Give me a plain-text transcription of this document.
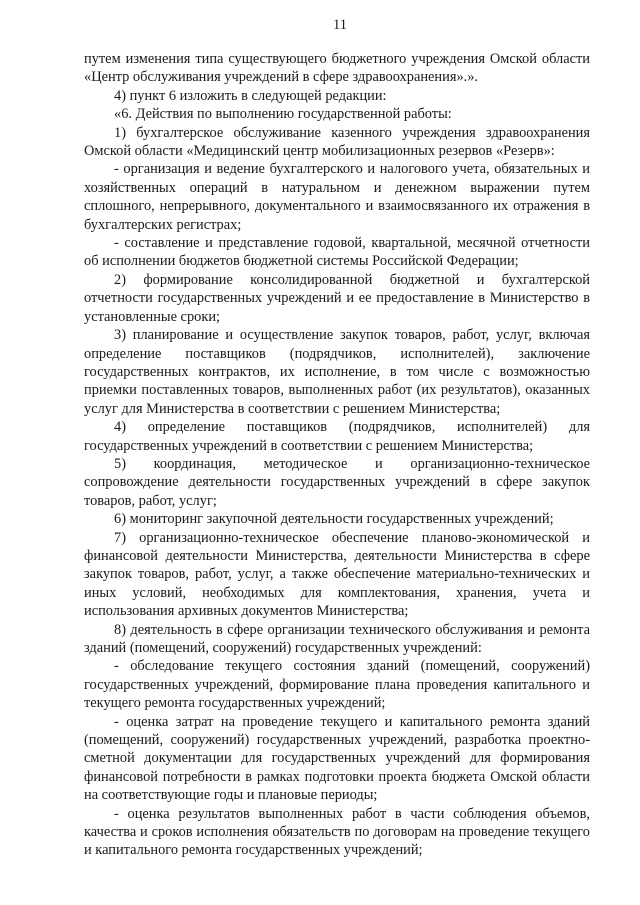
11

путем изменения типа существующего бюджетного учреждения Омской области «Центр обслуживания учреждений в сфере здравоохранения».».

4) пункт 6 изложить в следующей редакции:

«6. Действия по выполнению государственной работы:

1) бухгалтерское обслуживание казенного учреждения здравоохранения Омской области «Медицинский центр мобилизационных резервов «Резерв»:

- организация и ведение бухгалтерского и налогового учета, обязательных и хозяйственных операций в натуральном и денежном выражении путем сплошного, непрерывного, документального и взаимосвязанного их отражения в бухгалтерских регистрах;

- составление и представление годовой, квартальной, месячной отчетности об исполнении бюджетов бюджетной системы Российской Федерации;

2) формирование консолидированной бюджетной и бухгалтерской отчетности государственных учреждений и ее предоставление в Министерство в установленные сроки;

3) планирование и осуществление закупок товаров, работ, услуг, включая определение поставщиков (подрядчиков, исполнителей), заключение государственных контрактов, их исполнение, в том числе с возможностью приемки поставленных товаров, выполненных работ (их результатов), оказанных услуг для Министерства в соответствии с решением Министерства;

4) определение поставщиков (подрядчиков, исполнителей) для государственных учреждений в соответствии с решением Министерства;

5) координация, методическое и организационно-техническое сопровождение деятельности государственных учреждений в сфере закупок товаров, работ, услуг;

6) мониторинг закупочной деятельности государственных учреждений;

7) организационно-техническое обеспечение планово-экономической и финансовой деятельности Министерства, деятельности Министерства в сфере закупок товаров, работ, услуг, а также обеспечение материально-технических и иных условий, необходимых для комплектования, хранения, учета и использования архивных документов Министерства;

8) деятельность в сфере организации технического обслуживания и ремонта зданий (помещений, сооружений) государственных учреждений:

- обследование текущего состояния зданий (помещений, сооружений) государственных учреждений, формирование плана проведения капитального и текущего ремонта государственных учреждений;

- оценка затрат на проведение текущего и капитального ремонта зданий (помещений, сооружений) государственных учреждений, разработка проектно-сметной документации для государственных учреждений для формирования финансовой потребности в рамках подготовки проекта бюджета Омской области на соответствующие годы и плановые периоды;

- оценка результатов выполненных работ в части соблюдения объемов, качества и сроков исполнения обязательств по договорам на проведение текущего и капитального ремонта государственных учреждений;
